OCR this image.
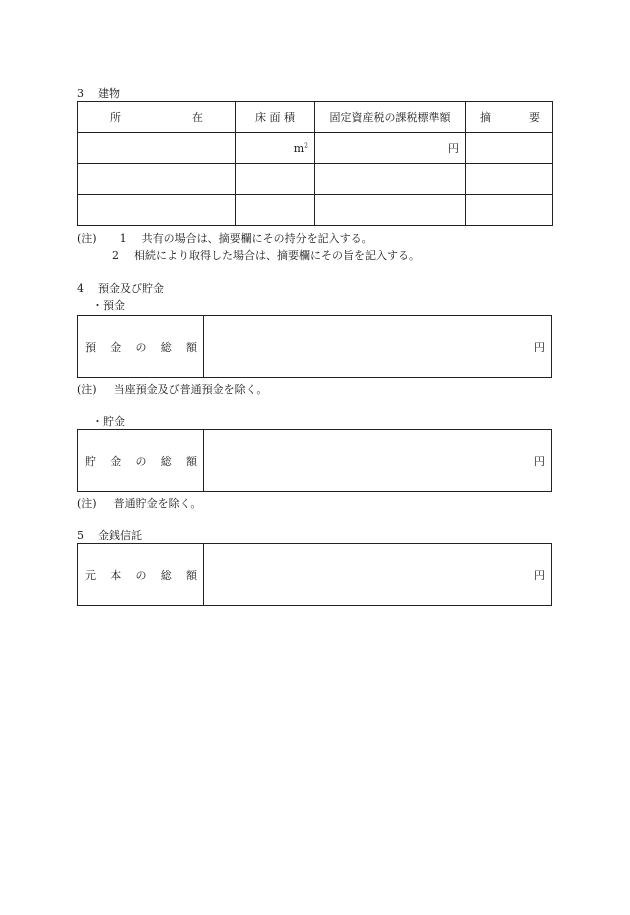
3 建物
所 在	床 面 積	固定資産税の課税標準額	摘 要

	$m^2$	円	

(注) 1 共有の場合は、摘要欄にその持分を記入する。
2 相続により取得した場合は、摘要欄にその旨を記入する。
4 預金及び貯金
・預金
預 金 の 総 額	円
(注) 当座預金及び普通預金を除く。
・貯金
貯 金 の 総 額	円
(注) 普通貯金を除く。
5 金銭信託
元 本 の 総 額	円
